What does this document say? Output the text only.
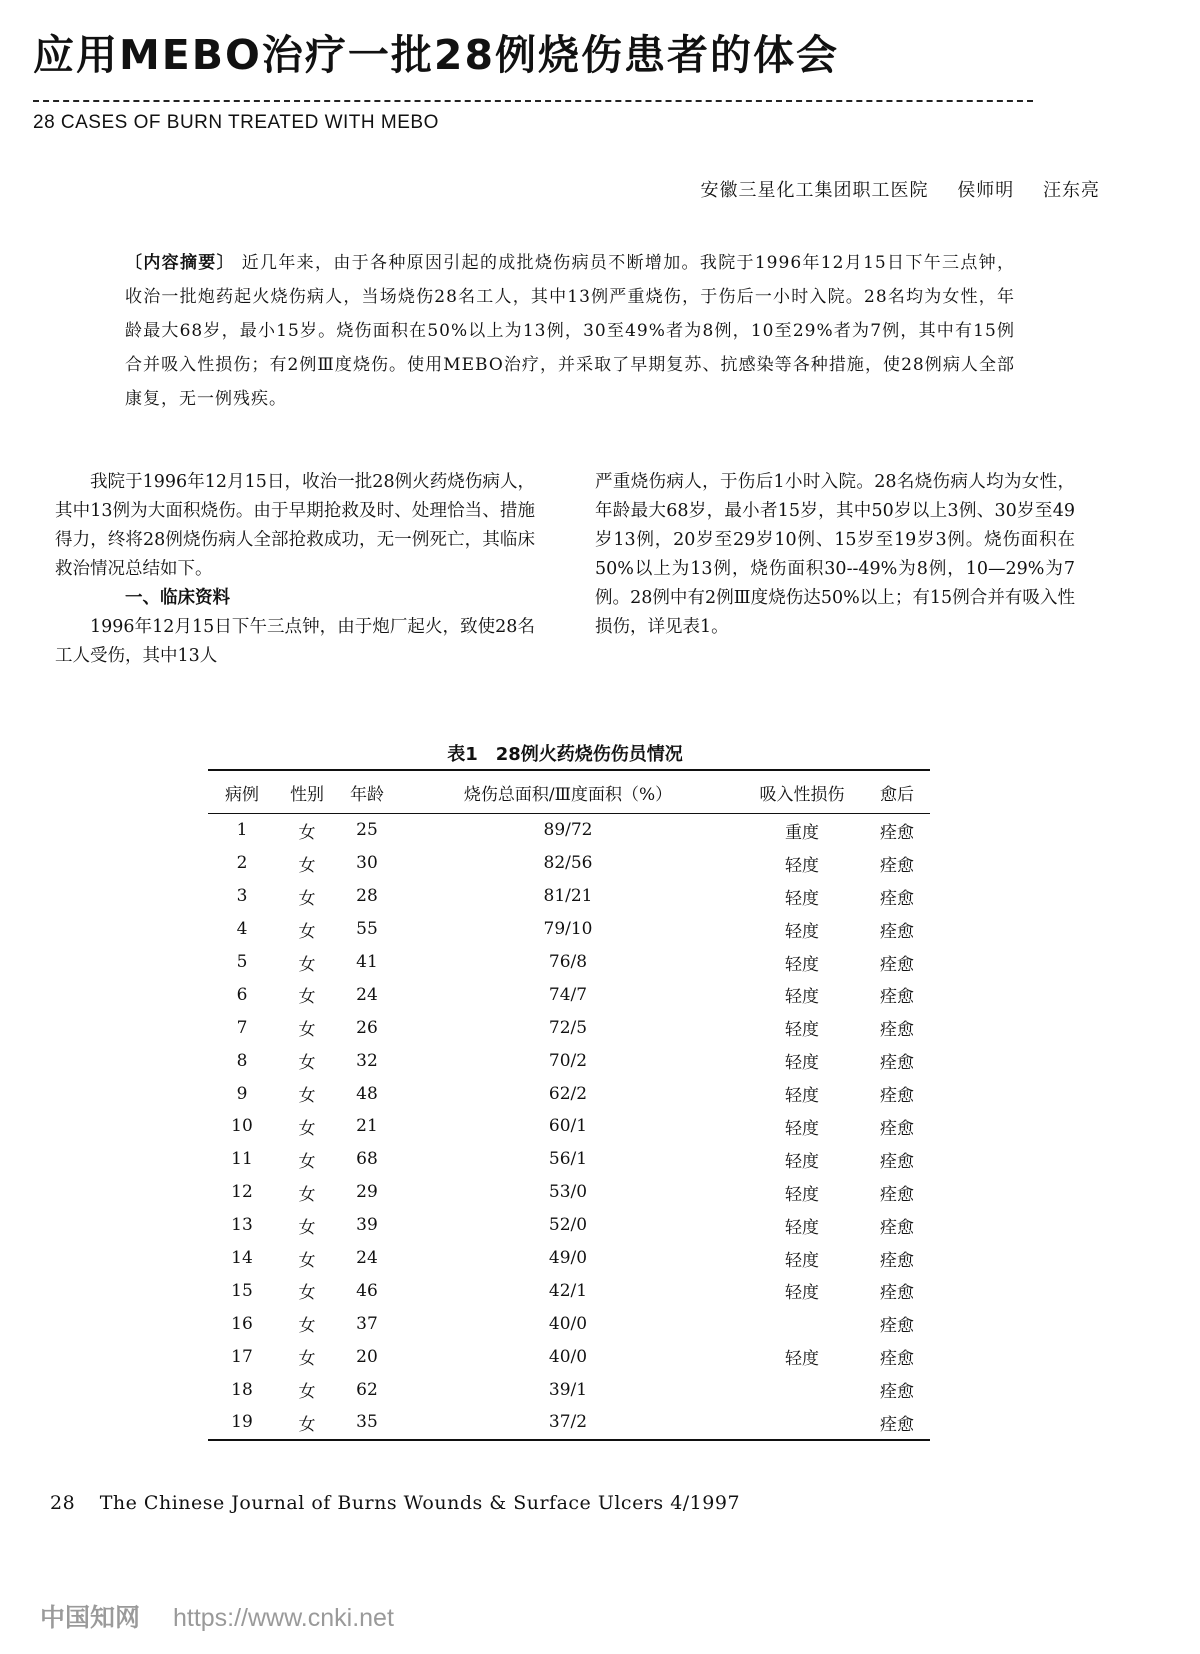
应用MEBO治疗一批28例烧伤患者的体会
28 CASES OF BURN TREATED WITH MEBO
安徽三星化工集团职工医院 侯师明 汪东亮

〔内容摘要〕 近几年来，由于各种原因引起的成批烧伤病员不断增加。我院于1996年12月15日下午三点钟，收治一批炮药起火烧伤病人，当场烧伤28名工人，其中13例严重烧伤，于伤后一小时入院。28名均为女性，年龄最大68岁，最小15岁。烧伤面积在50%以上为13例，30至49%者为8例，10至29%者为7例，其中有15例合并吸入性损伤；有2例Ⅲ度烧伤。使用MEBO治疗，并采取了早期复苏、抗感染等各种措施，使28例病人全部康复，无一例残疾。

我院于1996年12月15日，收治一批28例火药烧伤病人，其中13例为大面积烧伤。由于早期抢救及时、处理恰当、措施得力，终将28例烧伤病人全部抢救成功，无一例死亡，其临床救治情况总结如下。

一、临床资料

1996年12月15日下午三点钟，由于炮厂起火，致使28名工人受伤，其中13人

严重烧伤病人，于伤后1小时入院。28名烧伤病人均为女性，年龄最大68岁，最小者15岁，其中50岁以上3例、30岁至49岁13例，20岁至29岁10例、15岁至19岁3例。烧伤面积在50%以上为13例，烧伤面积30--49%为8例，10—29%为7例。28例中有2例Ⅲ度烧伤达50%以上；有15例合并有吸入性损伤，详见表1。

表1　28例火药烧伤伤员情况
病例	性别	年龄	烧伤总面积/Ⅲ度面积（%）	吸入性损伤	愈后
1	女	25	89/72	重度	痊愈
2	女	30	82/56	轻度	痊愈
3	女	28	81/21	轻度	痊愈
4	女	55	79/10	轻度	痊愈
5	女	41	76/8	轻度	痊愈
6	女	24	74/7	轻度	痊愈
7	女	26	72/5	轻度	痊愈
8	女	32	70/2	轻度	痊愈
9	女	48	62/2	轻度	痊愈
10	女	21	60/1	轻度	痊愈
11	女	68	56/1	轻度	痊愈
12	女	29	53/0	轻度	痊愈
13	女	39	52/0	轻度	痊愈
14	女	24	49/0	轻度	痊愈
15	女	46	42/1	轻度	痊愈
16	女	37	40/0		痊愈
17	女	20	40/0	轻度	痊愈
18	女	62	39/1		痊愈
19	女	35	37/2		痊愈
28 The Chinese Journal of Burns Wounds & Surface Ulcers 4/1997
中国知网 https://www.cnki.net
